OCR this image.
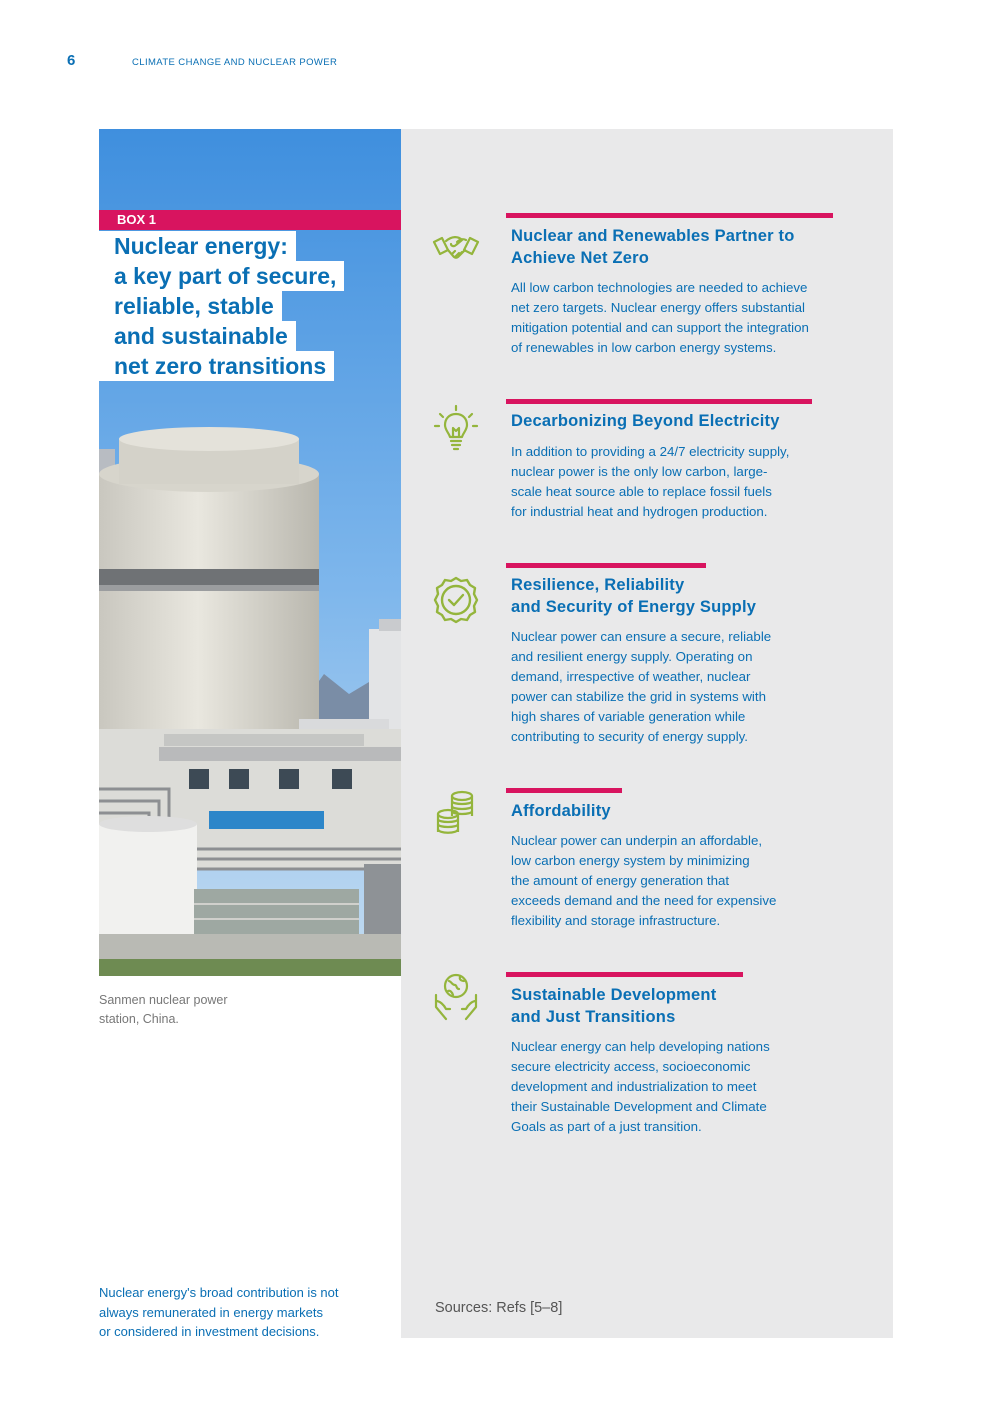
6	CLIMATE CHANGE AND NUCLEAR POWER
BOX 1
Nuclear energy:
a key part of secure,
reliable, stable
and sustainable
net zero transitions
Sanmen nuclear power
station, China.
Nuclear energy's broad contribution is not
always remunerated in energy markets
or considered in investment decisions.
Nuclear and Renewables Partner to
Achieve Net Zero
All low carbon technologies are needed to achieve
net zero targets. Nuclear energy offers substantial
mitigation potential and can support the integration
of renewables in low carbon energy systems.
Decarbonizing Beyond Electricity
In addition to providing a 24/7 electricity supply,
nuclear power is the only low carbon, large-
scale heat source able to replace fossil fuels
for industrial heat and hydrogen production.
Resilience, Reliability
and Security of Energy Supply
Nuclear power can ensure a secure, reliable
and resilient energy supply. Operating on
demand, irrespective of weather, nuclear
power can stabilize the grid in systems with
high shares of variable generation while
contributing to security of energy supply.
Affordability
Nuclear power can underpin an affordable,
low carbon energy system by minimizing
the amount of energy generation that
exceeds demand and the need for expensive
flexibility and storage infrastructure.
Sustainable Development
and Just Transitions
Nuclear energy can help developing nations
secure electricity access, socioeconomic
development and industrialization to meet
their Sustainable Development and Climate
Goals as part of a just transition.
Sources: Refs [5–8]
